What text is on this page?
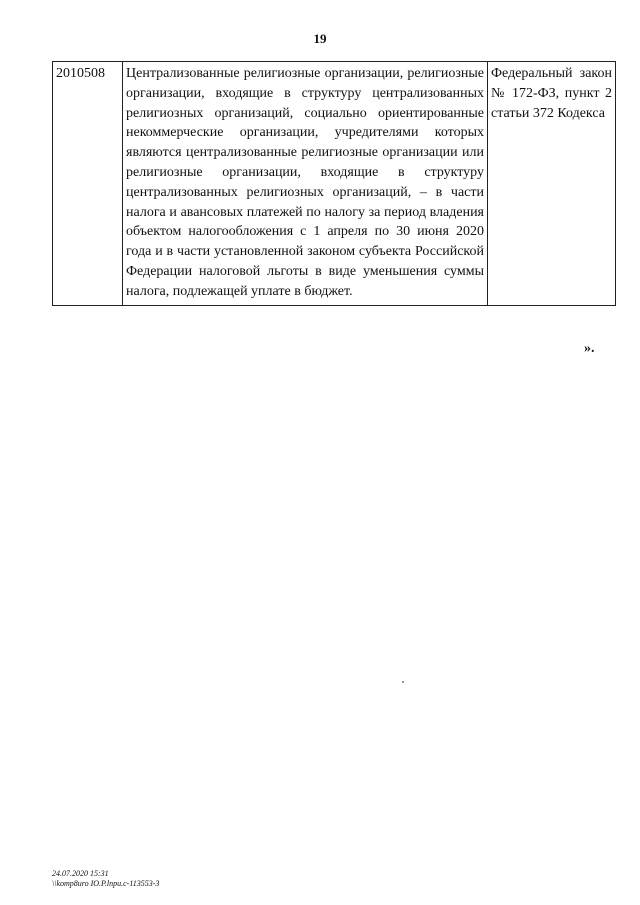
19
2010508	Централизованные религиозные организации, религиозные организации, входящие в структуру централизованных религиозных организаций, социально ориентированные некоммерческие организации, учредителями которых являются централизованные религиозные организации или религиозные организации, входящие в структуру централизованных религиозных организаций, – в части налога и авансовых платежей по налогу за период владения объектом налогообложения с 1 апреля по 30 июня 2020 года и в части установленной законом субъекта Российской Федерации налоговой льготы в виде уменьшения суммы налога, подлежащей уплате в бюджет.	Федеральный закон № 172-ФЗ, пункт 2 статьи 372 Кодекса
».
24.07.2020 15:31
\\komp8uro IO.P.lnpu.c-113553-3
